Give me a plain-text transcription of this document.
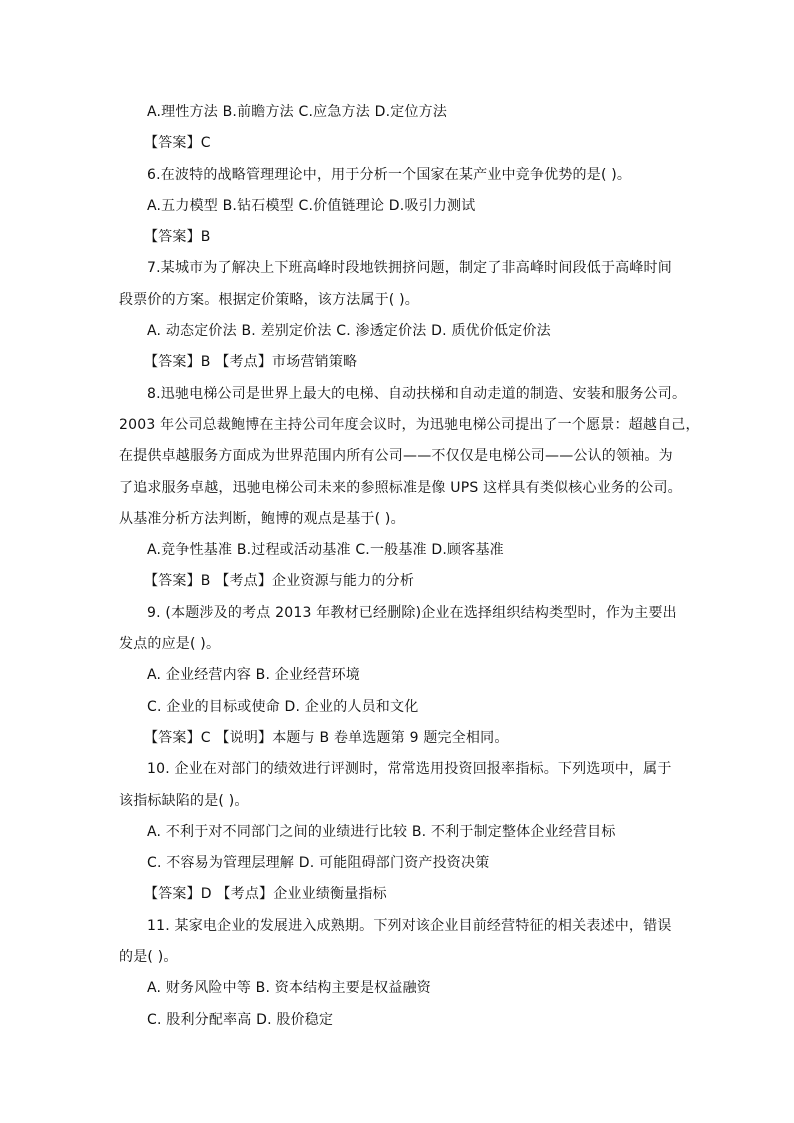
A.理性方法 B.前瞻方法 C.应急方法 D.定位方法
【答案】C
6.在波特的战略管理理论中，用于分析一个国家在某产业中竞争优势的是( )。
A.五力模型 B.钻石模型 C.价值链理论 D.吸引力测试
【答案】B
7.某城市为了解决上下班高峰时段地铁拥挤问题，制定了非高峰时间段低于高峰时间
段票价的方案。根据定价策略，该方法属于( )。
A. 动态定价法 B. 差别定价法 C. 渗透定价法 D. 质优价低定价法
【答案】B 【考点】市场营销策略
8.迅驰电梯公司是世界上最大的电梯、自动扶梯和自动走道的制造、安装和服务公司。
2003 年公司总裁鲍博在主持公司年度会议时，为迅驰电梯公司提出了一个愿景：超越自己，
在提供卓越服务方面成为世界范围内所有公司——不仅仅是电梯公司——公认的领袖。为
了追求服务卓越，迅驰电梯公司未来的参照标准是像 UPS 这样具有类似核心业务的公司。
从基准分析方法判断，鲍博的观点是基于( )。
A.竞争性基准 B.过程或活动基准 C.一般基准 D.顾客基准
【答案】B 【考点】企业资源与能力的分析
9. (本题涉及的考点 2013 年教材已经删除)企业在选择组织结构类型时，作为主要出
发点的应是( )。
A. 企业经营内容 B. 企业经营环境
C. 企业的目标或使命 D. 企业的人员和文化
【答案】C 【说明】本题与 B 卷单选题第 9 题完全相同。
10. 企业在对部门的绩效进行评测时，常常选用投资回报率指标。下列选项中，属于
该指标缺陷的是( )。
A. 不利于对不同部门之间的业绩进行比较 B. 不利于制定整体企业经营目标
C. 不容易为管理层理解 D. 可能阻碍部门资产投资决策
【答案】D 【考点】企业业绩衡量指标
11. 某家电企业的发展进入成熟期。下列对该企业目前经营特征的相关表述中，错误
的是( )。
A. 财务风险中等 B. 资本结构主要是权益融资
C. 股利分配率高 D. 股价稳定
